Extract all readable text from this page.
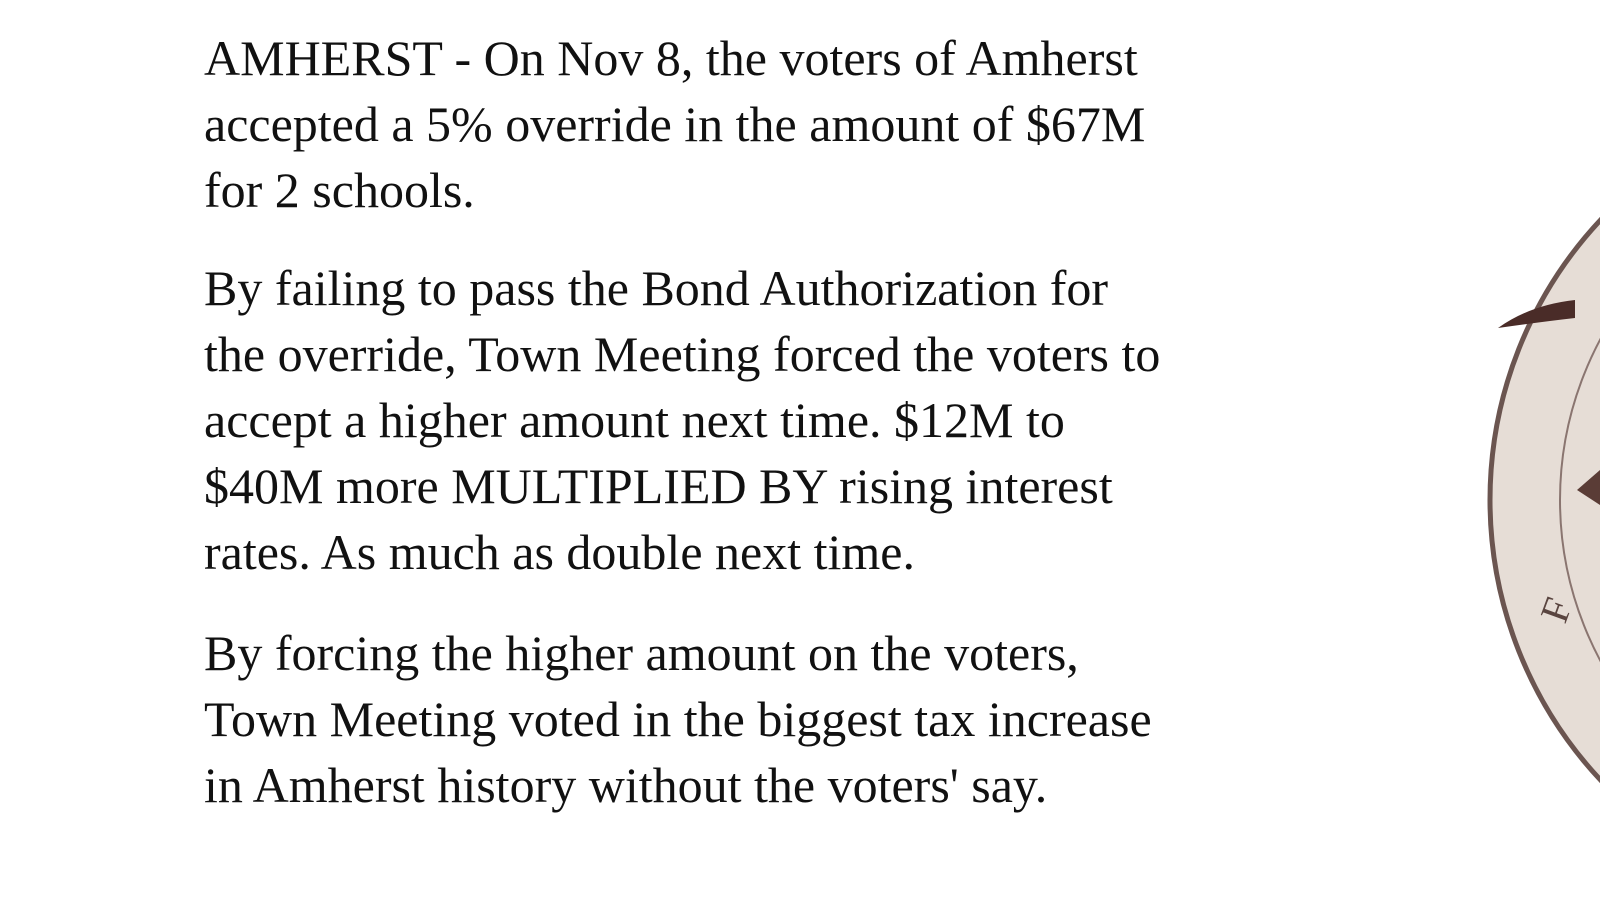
AMHERST - On Nov 8, the voters of Amherst
accepted a 5% override in the amount of $67M
for 2 schools.
By failing to pass the Bond Authorization for
the override, Town Meeting forced the voters to
accept a higher amount next time. $12M to
$40M more MULTIPLIED BY rising interest
rates. As much as double next time.
By forcing the higher amount on the voters,
Town Meeting voted in the biggest tax increase
in Amherst history without the voters' say.
F
